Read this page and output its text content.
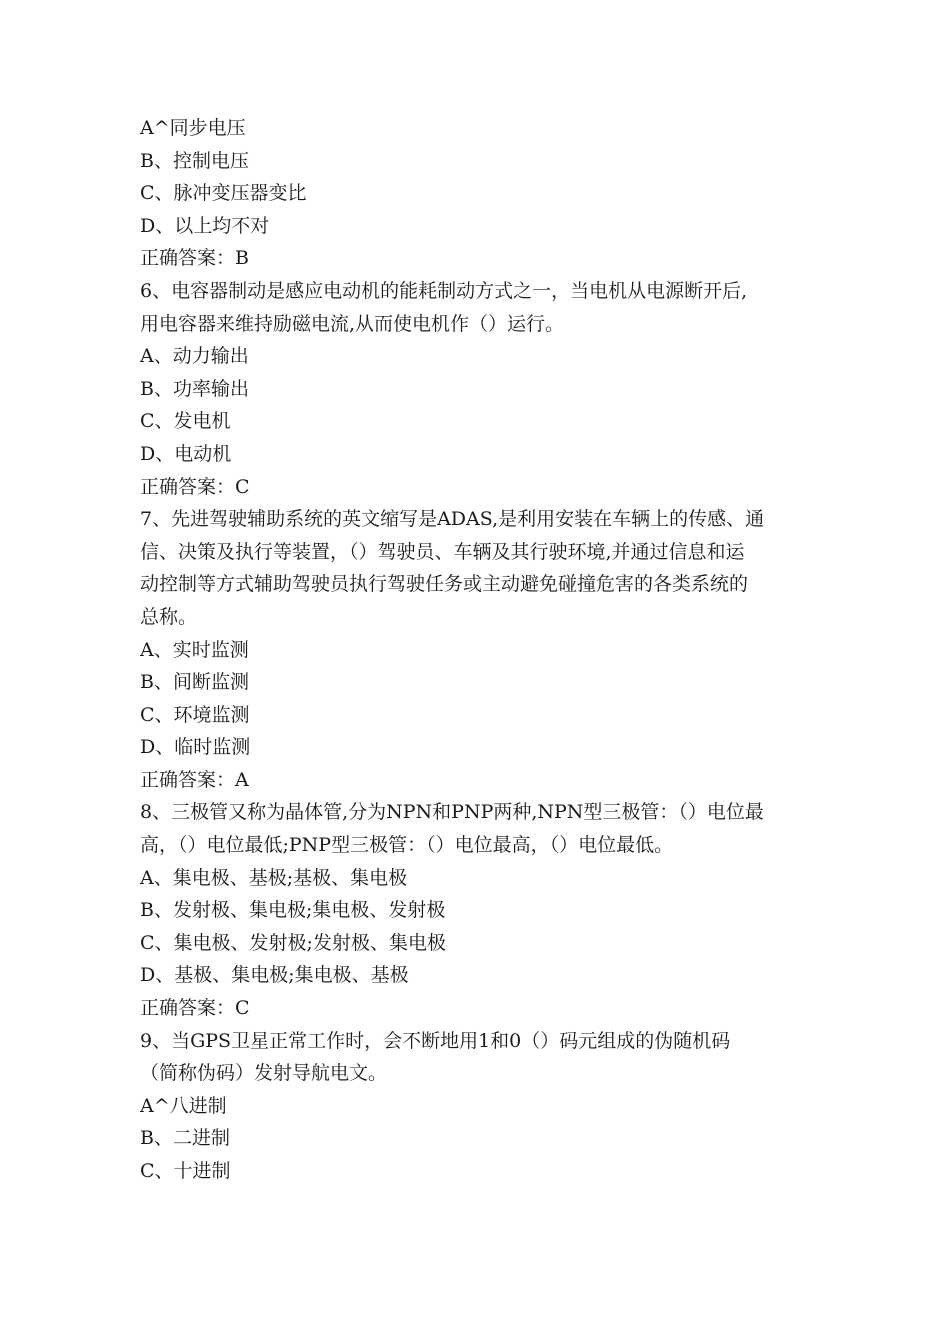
A^同步电压
B、控制电压
C、脉冲变压器变比
D、以上均不对
正确答案：B
6、电容器制动是感应电动机的能耗制动方式之一，当电机从电源断开后,
用电容器来维持励磁电流,从而使电机作（）运行。
A、动力输出
B、功率输出
C、发电机
D、电动机
正确答案：C
7、先进驾驶辅助系统的英文缩写是ADAS,是利用安装在车辆上的传感、通
信、决策及执行等装置，（）驾驶员、车辆及其行驶环境,并通过信息和运
动控制等方式辅助驾驶员执行驾驶任务或主动避免碰撞危害的各类系统的
总称。
A、实时监测
B、间断监测
C、环境监测
D、临时监测
正确答案：A
8、三极管又称为晶体管,分为NPN和PNP两种,NPN型三极管：（）电位最
高，（）电位最低;PNP型三极管：（）电位最高，（）电位最低。
A、集电极、基极;基极、集电极
B、发射极、集电极;集电极、发射极
C、集电极、发射极;发射极、集电极
D、基极、集电极;集电极、基极
正确答案：C
9、当GPS卫星正常工作时，会不断地用1和0（）码元组成的伪随机码
（简称伪码）发射导航电文。
A^八进制
B、二进制
C、十进制
